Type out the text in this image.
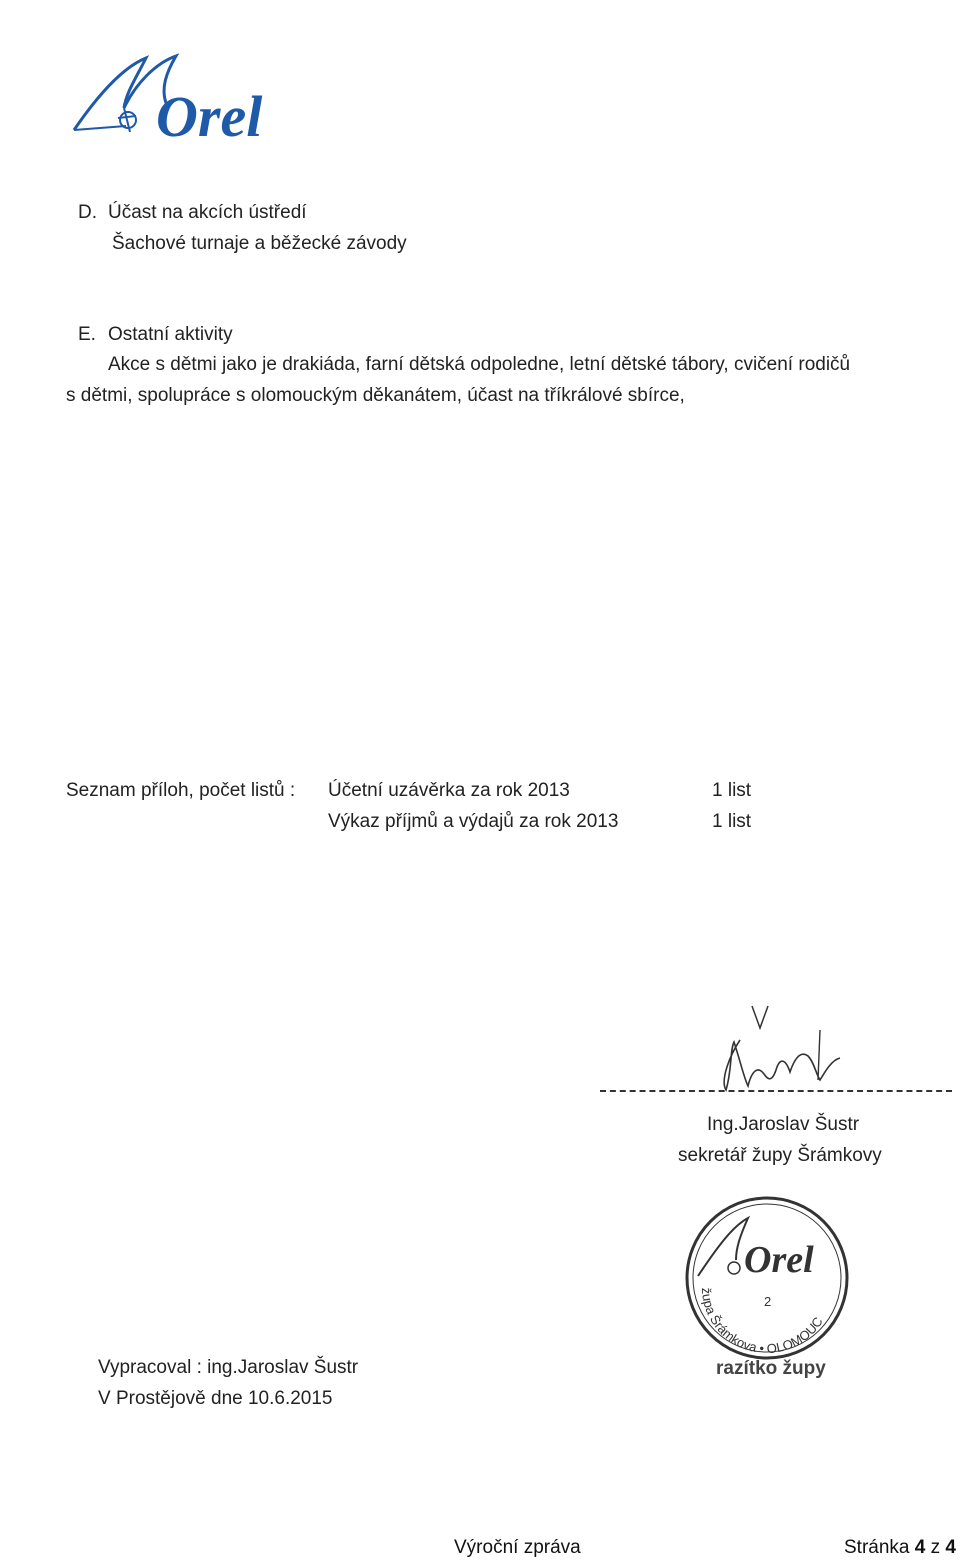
Orel
D. Účast na akcích ústředí
Šachové turnaje a běžecké závody
E. Ostatní aktivity
Akce s dětmi jako je drakiáda, farní dětská odpoledne, letní dětské tábory, cvičení rodičů
s dětmi, spolupráce s olomouckým děkanátem, účast na tříkrálové sbírce,
Seznam příloh, počet listů : Účetní uzávěrka za rok 2013	1 list
Výkaz příjmů a výdajů za rok 2013	1 list
Ing.Jaroslav Šustr
sekretář župy Šrámkovy
Orel
2
župa Šrámkova • OLOMOUC
razítko župy
Vypracoval : ing.Jaroslav Šustr
V Prostějově dne 10.6.2015
Výroční zpráva	Stránka 4 z 4
